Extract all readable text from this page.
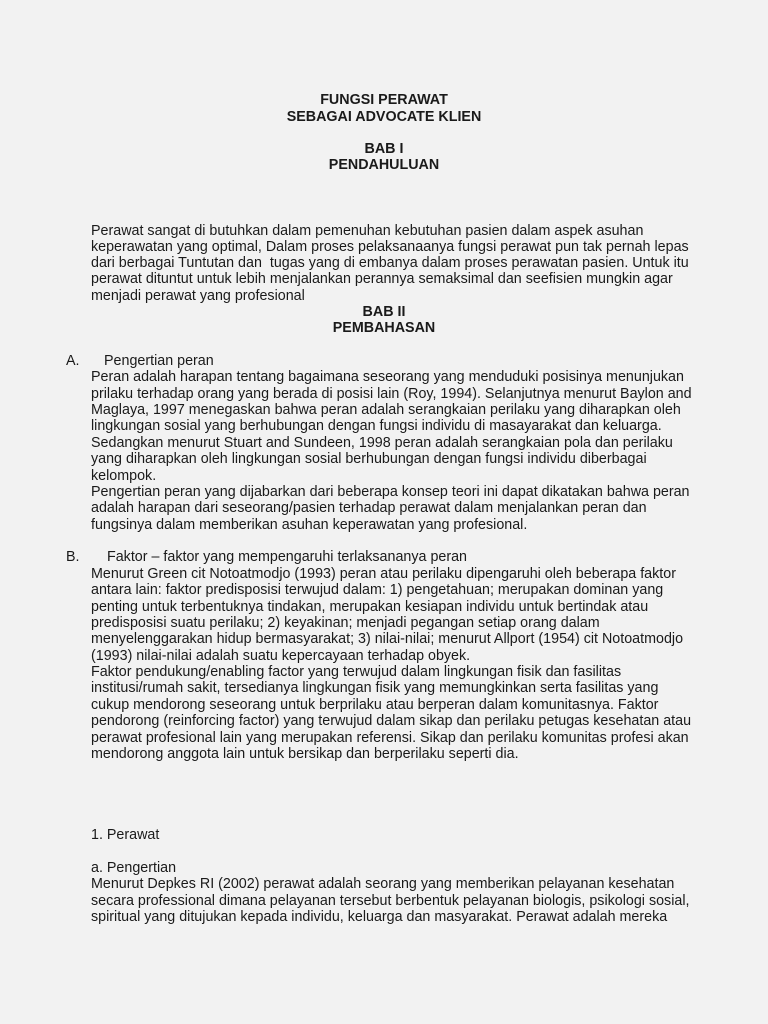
FUNGSI PERAWAT
SEBAGAI ADVOCATE KLIEN
BAB I
PENDAHULUAN
Perawat sangat di butuhkan dalam pemenuhan kebutuhan pasien dalam aspek asuhan
keperawatan yang optimal, Dalam proses pelaksanaanya fungsi perawat pun tak pernah lepas
dari berbagai Tuntutan dan  tugas yang di embanya dalam proses perawatan pasien. Untuk itu
perawat dituntut untuk lebih menjalankan perannya semaksimal dan seefisien mungkin agar
menjadi perawat yang profesional
BAB II
PEMBAHASAN
A. Pengertian peran
Peran adalah harapan tentang bagaimana seseorang yang menduduki posisinya menunjukan
prilaku terhadap orang yang berada di posisi lain (Roy, 1994). Selanjutnya menurut Baylon and
Maglaya, 1997 menegaskan bahwa peran adalah serangkaian perilaku yang diharapkan oleh
lingkungan sosial yang berhubungan dengan fungsi individu di masayarakat dan keluarga.
Sedangkan menurut Stuart and Sundeen, 1998 peran adalah serangkaian pola dan perilaku
yang diharapkan oleh lingkungan sosial berhubungan dengan fungsi individu diberbagai
kelompok.
Pengertian peran yang dijabarkan dari beberapa konsep teori ini dapat dikatakan bahwa peran
adalah harapan dari seseorang/pasien terhadap perawat dalam menjalankan peran dan
fungsinya dalam memberikan asuhan keperawatan yang profesional.
B. Faktor – faktor yang mempengaruhi terlaksananya peran
Menurut Green cit Notoatmodjo (1993) peran atau perilaku dipengaruhi oleh beberapa faktor
antara lain: faktor predisposisi terwujud dalam: 1) pengetahuan; merupakan dominan yang
penting untuk terbentuknya tindakan, merupakan kesiapan individu untuk bertindak atau
predisposisi suatu perilaku; 2) keyakinan; menjadi pegangan setiap orang dalam
menyelenggarakan hidup bermasyarakat; 3) nilai-nilai; menurut Allport (1954) cit Notoatmodjo
(1993) nilai-nilai adalah suatu kepercayaan terhadap obyek.
Faktor pendukung/enabling factor yang terwujud dalam lingkungan fisik dan fasilitas
institusi/rumah sakit, tersedianya lingkungan fisik yang memungkinkan serta fasilitas yang
cukup mendorong seseorang untuk berprilaku atau berperan dalam komunitasnya. Faktor
pendorong (reinforcing factor) yang terwujud dalam sikap dan perilaku petugas kesehatan atau
perawat profesional lain yang merupakan referensi. Sikap dan perilaku komunitas profesi akan
mendorong anggota lain untuk bersikap dan berperilaku seperti dia.
1. Perawat
a. Pengertian
Menurut Depkes RI (2002) perawat adalah seorang yang memberikan pelayanan kesehatan
secara professional dimana pelayanan tersebut berbentuk pelayanan biologis, psikologi sosial,
spiritual yang ditujukan kepada individu, keluarga dan masyarakat. Perawat adalah mereka
